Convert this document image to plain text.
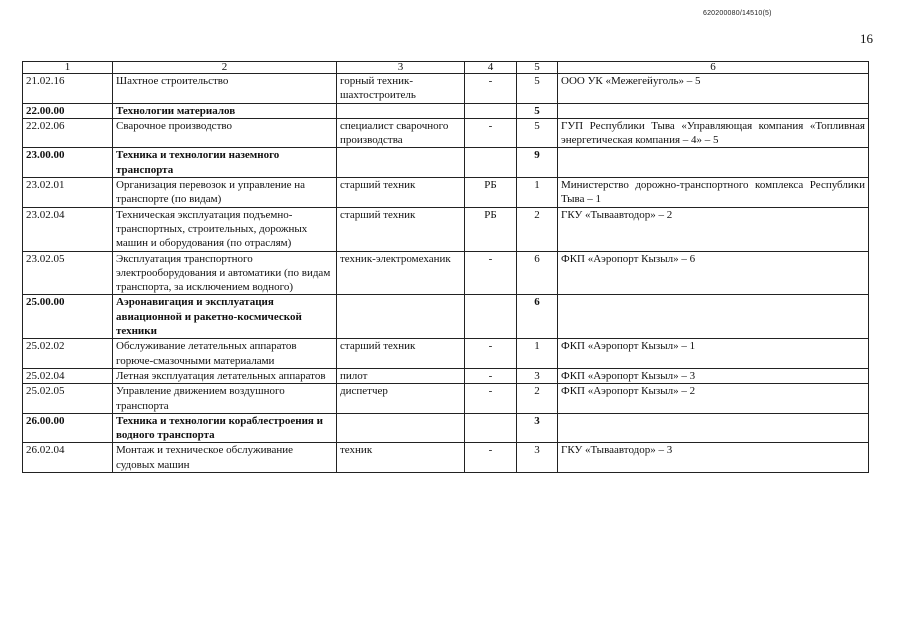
620200080/14510(5)
16
1	2	3	4	5	6
21.02.16	Шахтное строительство	горный техник-шахтостроитель	-	5	ООО УК «Межегейуголь» – 5
22.00.00	Технологии материалов			5	
22.02.06	Сварочное производство	специалист сварочного производства	-	5	ГУП Республики Тыва «Управляющая компания «Топливная энергетическая компания – 4» – 5
23.00.00	Техника и технологии наземного транспорта			9	
23.02.01	Организация перевозок и управление на транспорте (по видам)	старший техник	РБ	1	Министерство дорожно-транспортного комплекса Республики Тыва – 1
23.02.04	Техническая эксплуатация подъемно-транспортных, строительных, дорожных машин и оборудования (по отраслям)	старший техник	РБ	2	ГКУ «Тываавтодор» – 2
23.02.05	Эксплуатация транспортного электрооборудования и автоматики (по видам транспорта, за исключением водного)	техник-электромеханик	-	6	ФКП «Аэропорт Кызыл» – 6
25.00.00	Аэронавигация и эксплуатация авиационной и ракетно-космической техники			6	
25.02.02	Обслуживание летательных аппаратов горюче-смазочными материалами	старший техник	-	1	ФКП «Аэропорт Кызыл» – 1
25.02.04	Летная эксплуатация летательных аппаратов	пилот	-	3	ФКП «Аэропорт Кызыл» – 3
25.02.05	Управление движением воздушного транспорта	диспетчер	-	2	ФКП «Аэропорт Кызыл» – 2
26.00.00	Техника и технологии кораблестроения и водного транспорта			3	
26.02.04	Монтаж и техническое обслуживание судовых машин	техник	-	3	ГКУ «Тываавтодор» – 3
